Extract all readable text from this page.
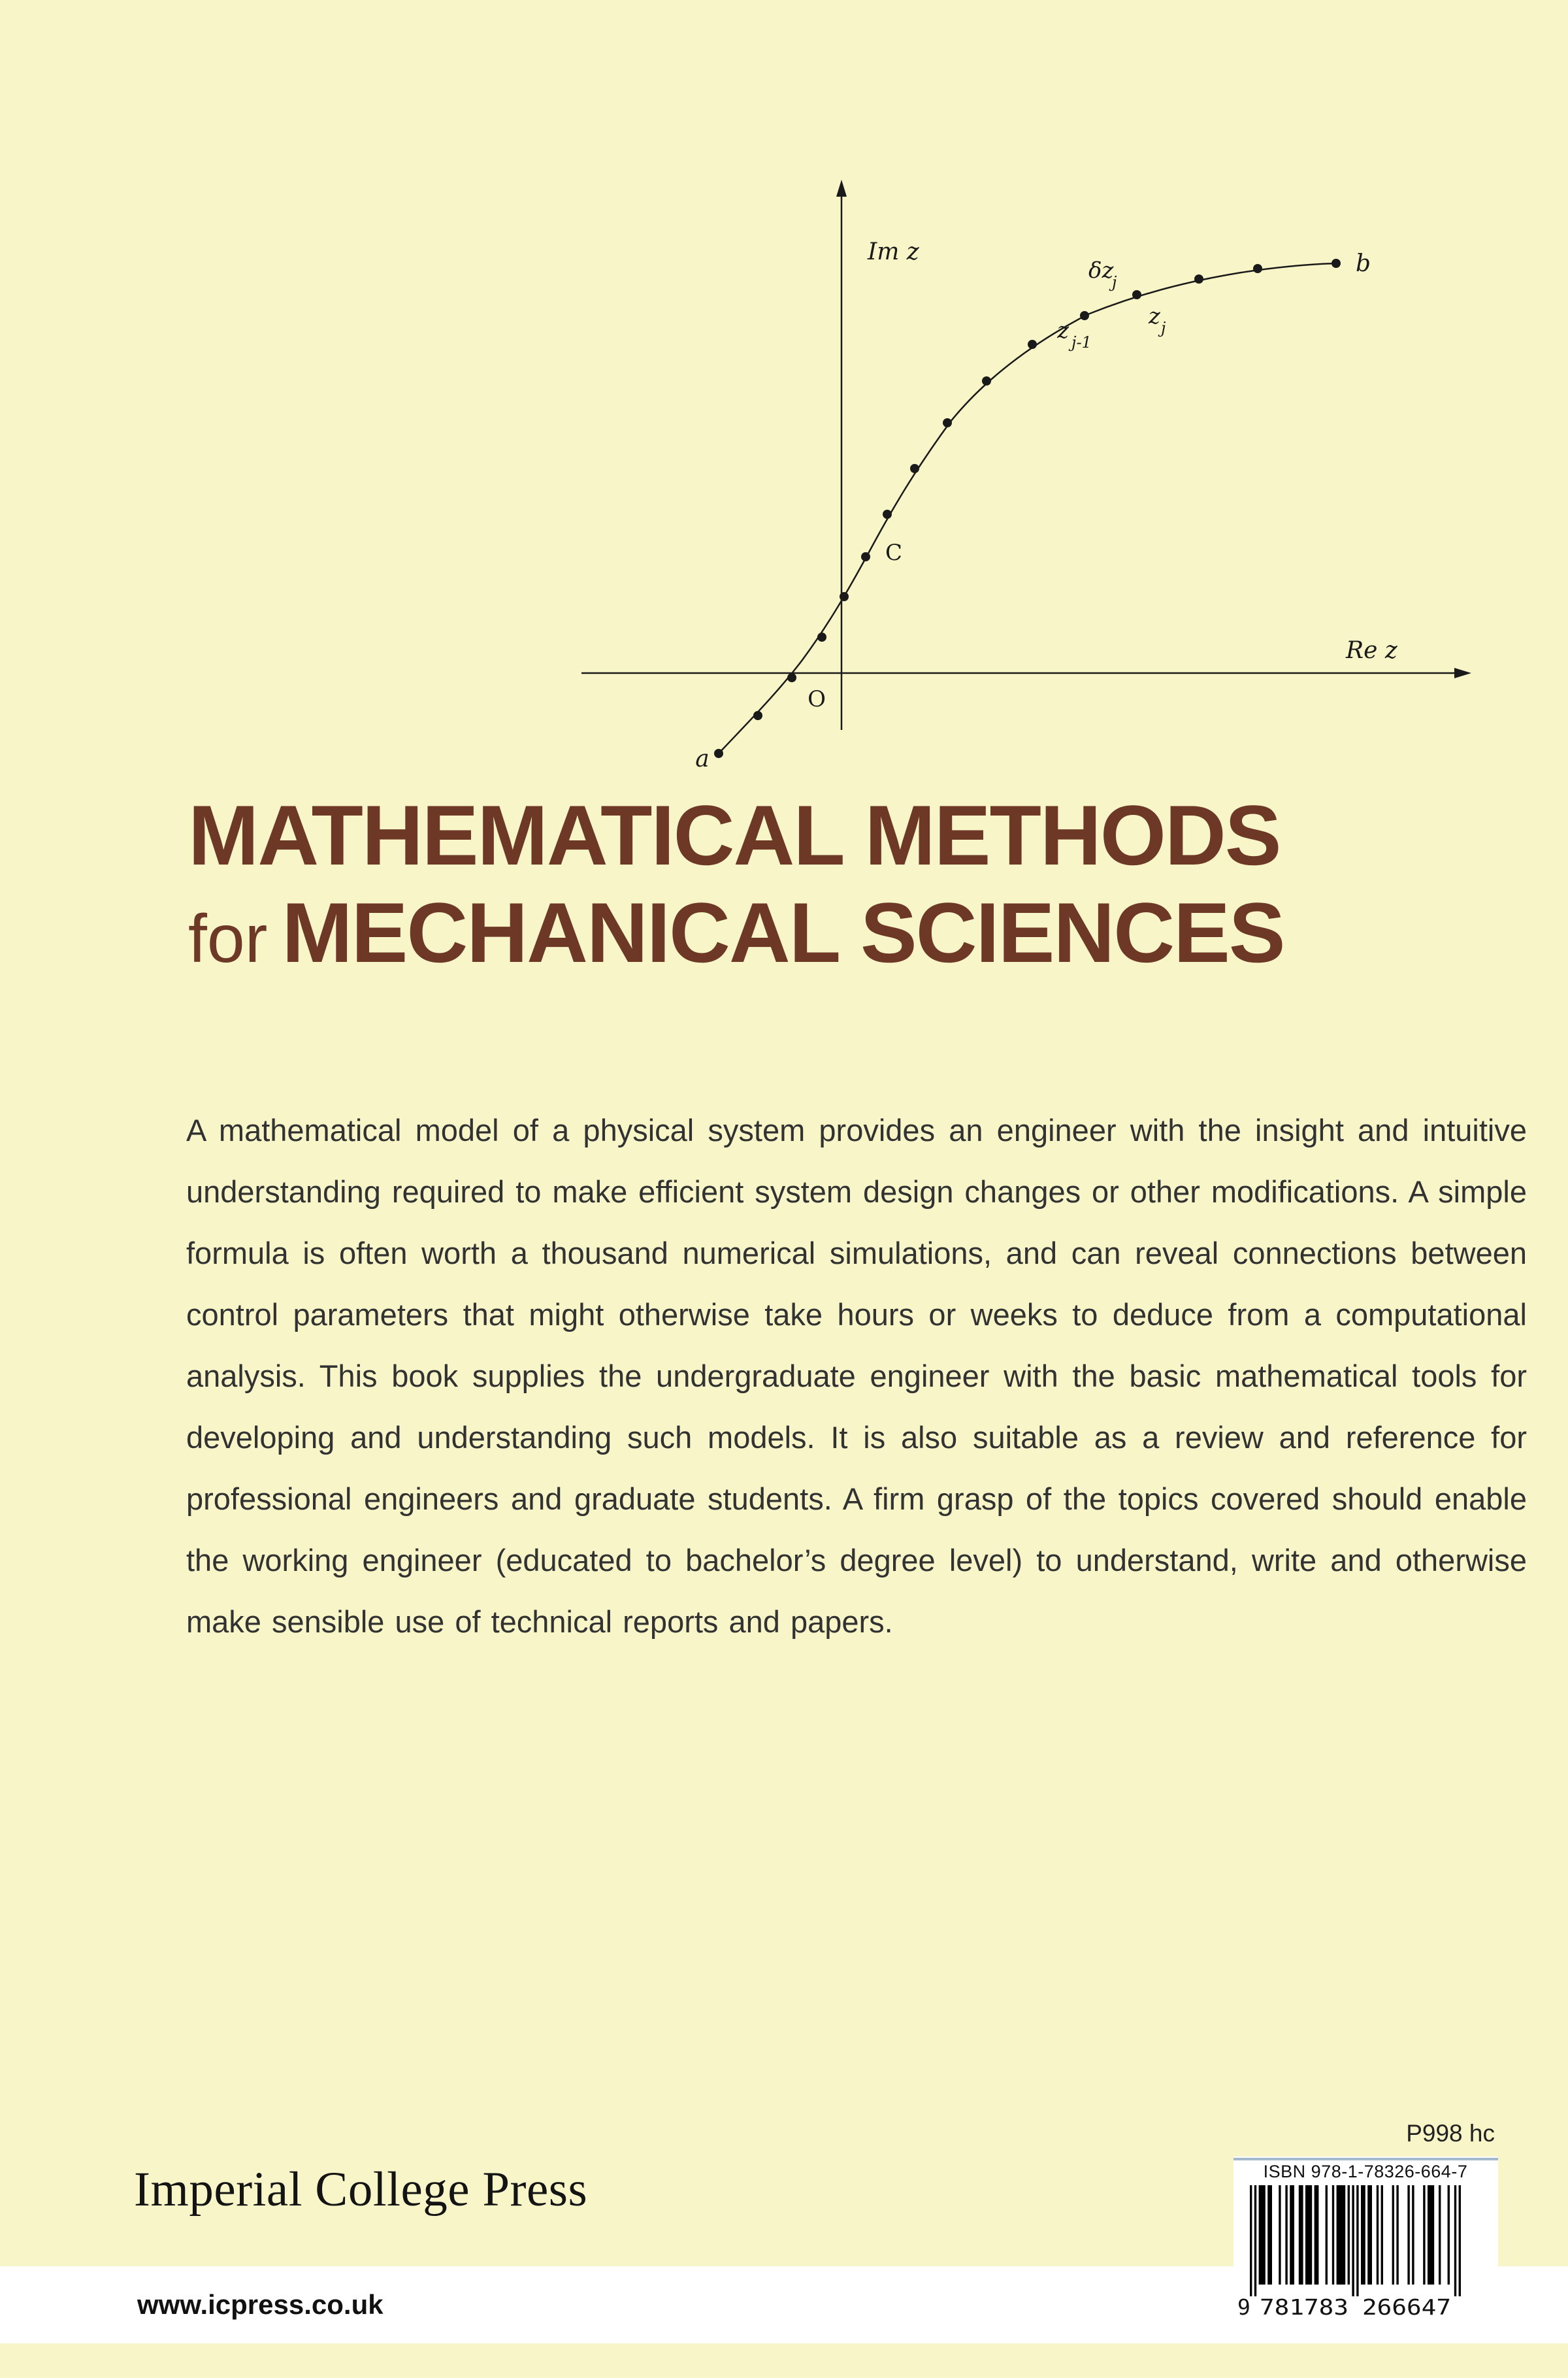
Im z
Re z
O
a
b
C
z j-1
z j
δz
j
MATHEMATICAL METHODS
for MECHANICAL SCIENCES

A mathematical model of a physical system provides an engineer with the insight and intuitive understanding required to make efficient system design changes or other modifications. A simple formula is often worth a thousand numerical simulations, and can reveal connections between control parameters that might otherwise take hours or weeks to deduce from a computational analysis. This book supplies the undergraduate engineer with the basic mathematical tools for developing and understanding such models. It is also suitable as a review and reference for professional engineers and graduate students. A firm grasp of the topics covered should enable the working engineer (educated to bachelor’s degree level) to understand, write and otherwise make sensible use of technical reports and papers.

P998 hc
Imperial College Press
www.icpress.co.uk
ISBN 978-1-78326-664-7
9 781783 266647
